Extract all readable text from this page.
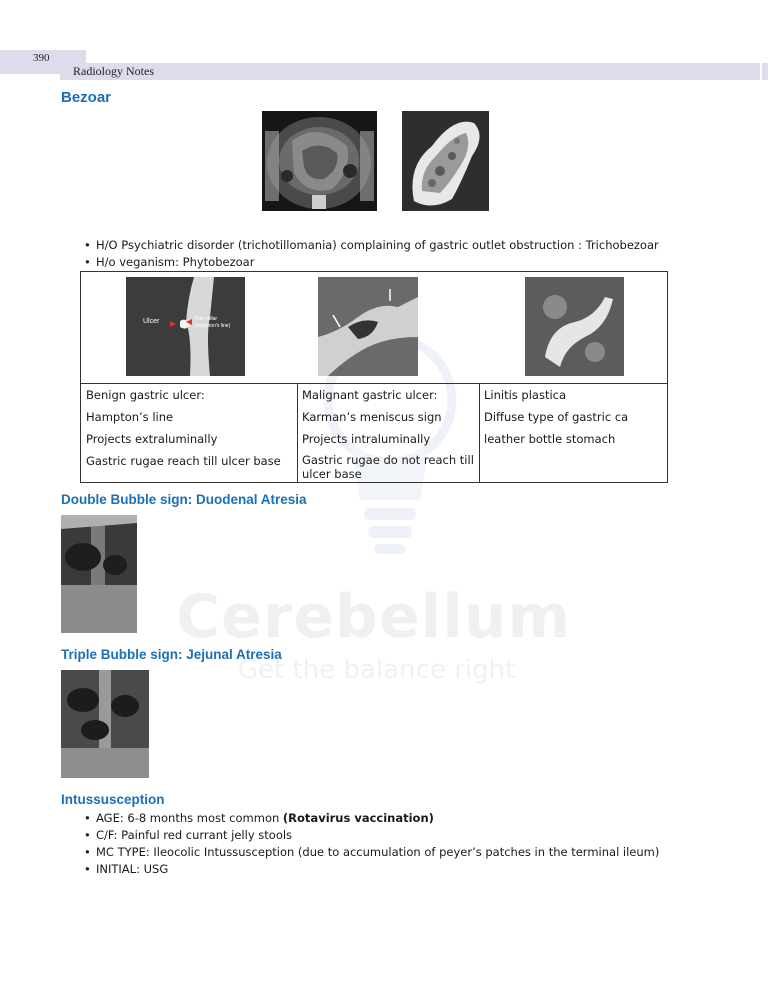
390
Radiology Notes
Cerebellum
Get the balance right
Bezoar
• H/O Psychiatric disorder (trichotillomania) complaining of gastric outlet obstruction : Trichobezoar
• H/o veganism: Phytobezoar
Ulcer	Thin collar
(Hampton's line)
Benign gastric ulcer:
Hampton’s line
Projects extraluminally
Gastric rugae reach till ulcer base
Malignant gastric ulcer:
Karman’s meniscus sign
Projects intraluminally
Gastric rugae do not reach till ulcer base
Linitis plastica
Diffuse type of gastric ca
leather bottle stomach
Double Bubble sign: Duodenal Atresia
Triple Bubble sign: Jejunal Atresia
Intussusception
• AGE: 6-8 months most common (Rotavirus vaccination)
• C/F: Painful red currant jelly stools
• MC TYPE: Ileocolic Intussusception (due to accumulation of peyer’s patches in the terminal ileum)
• INITIAL: USG
